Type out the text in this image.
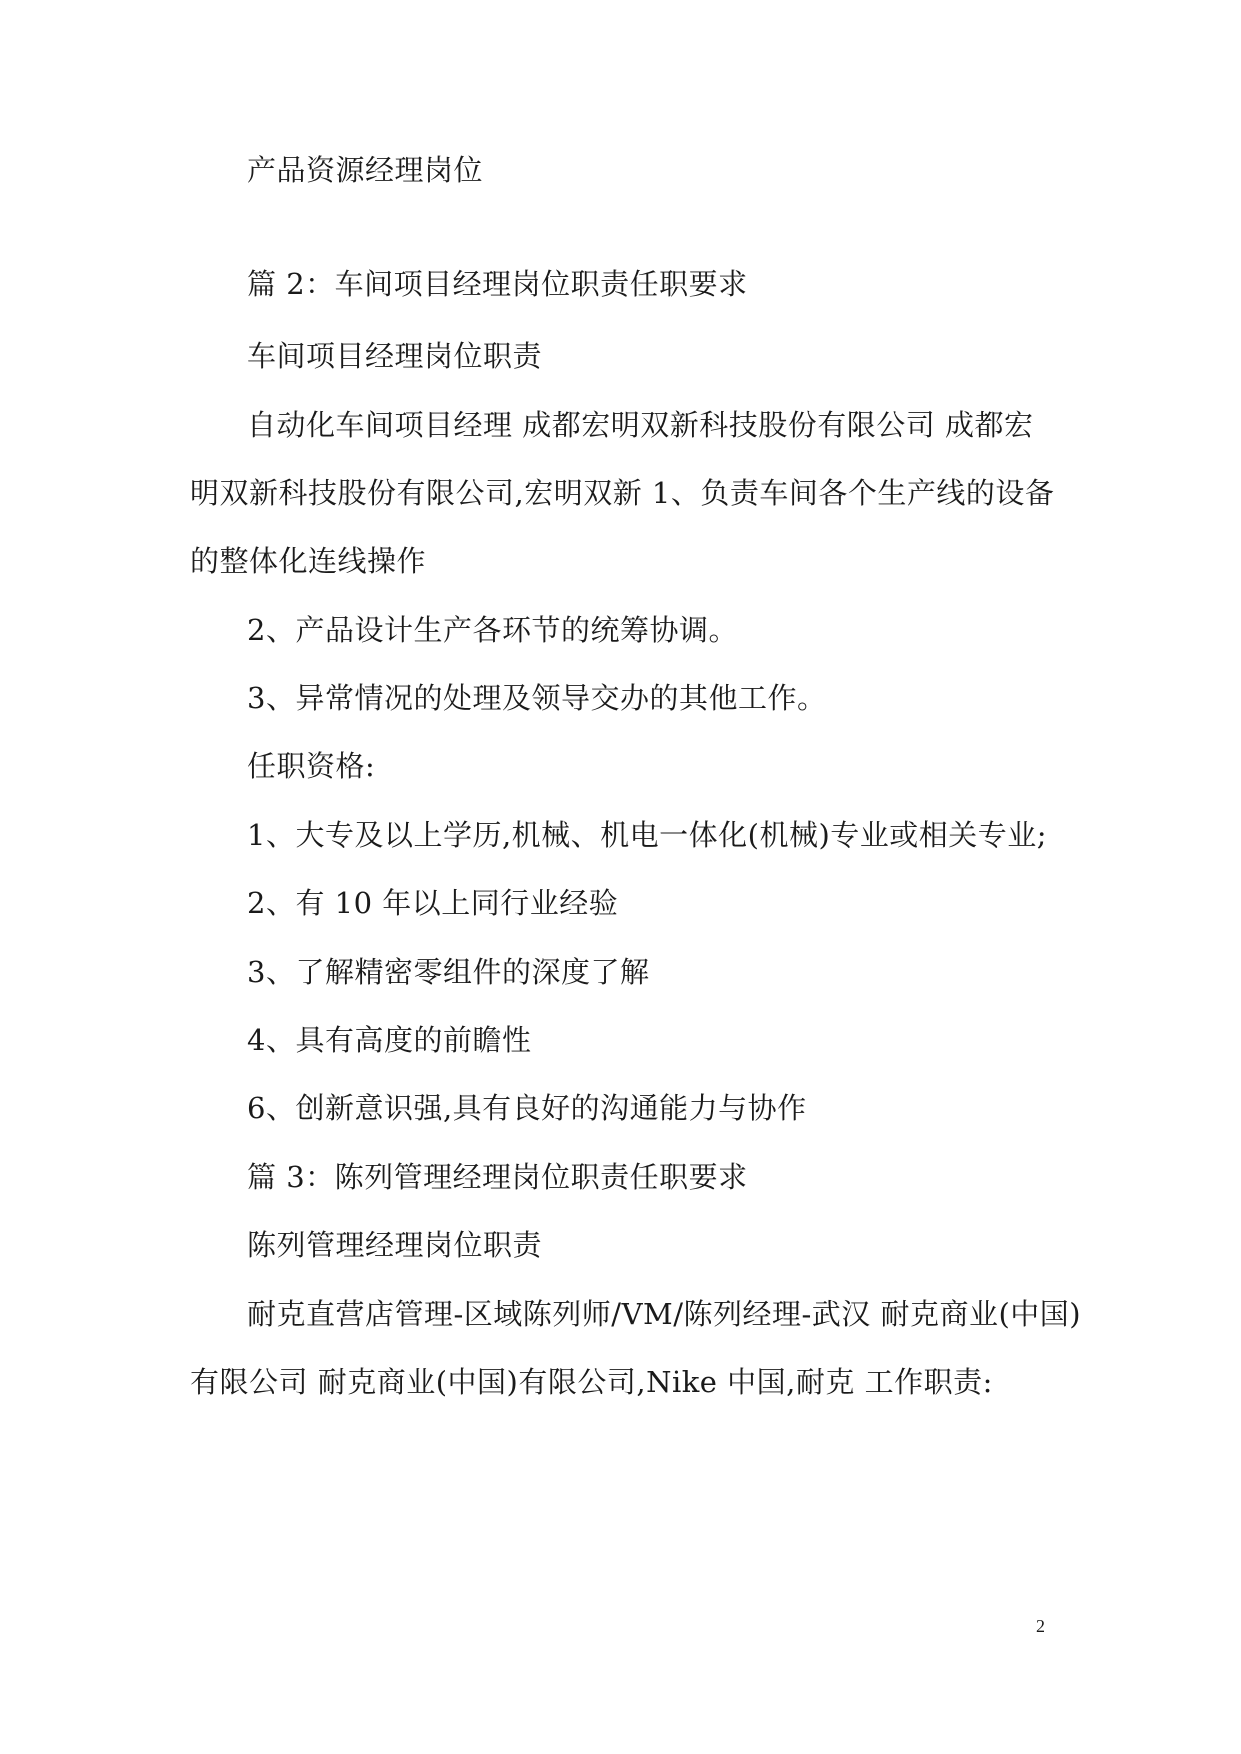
产品资源经理岗位
篇 2：车间项目经理岗位职责任职要求
车间项目经理岗位职责
自动化车间项目经理 成都宏明双新科技股份有限公司 成都宏
明双新科技股份有限公司,宏明双新 1、负责车间各个生产线的设备
的整体化连线操作
2、产品设计生产各环节的统筹协调。
3、异常情况的处理及领导交办的其他工作。
任职资格:
1、大专及以上学历,机械、机电一体化(机械)专业或相关专业;
2、有 10 年以上同行业经验
3、了解精密零组件的深度了解
4、具有高度的前瞻性
6、创新意识强,具有良好的沟通能力与协作
篇 3：陈列管理经理岗位职责任职要求
陈列管理经理岗位职责
耐克直营店管理-区域陈列师/VM/陈列经理-武汉 耐克商业(中国)
有限公司 耐克商业(中国)有限公司,Nike 中国,耐克 工作职责:
2
